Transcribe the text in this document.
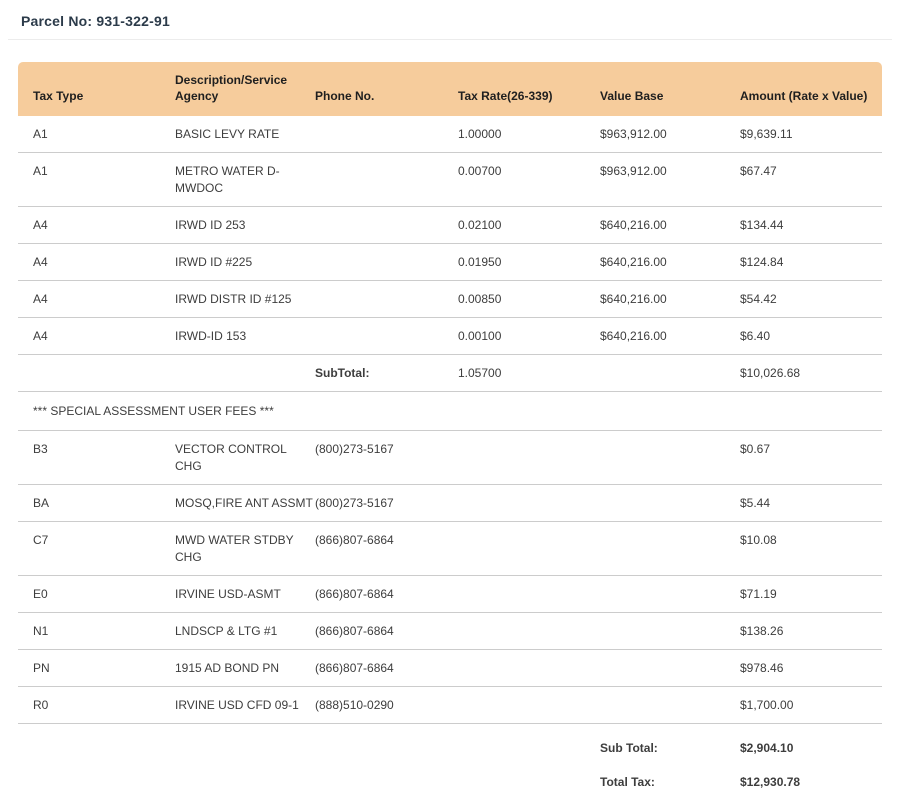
Parcel No: 931-322-91
Tax Type	Description/Service Agency	Phone No.	Tax Rate(26-339)	Value Base	Amount (Rate x Value)
A1	BASIC LEVY RATE		1.00000	$963,912.00	$9,639.11
A1	METRO WATER D-MWDOC		0.00700	$963,912.00	$67.47
A4	IRWD ID 253		0.02100	$640,216.00	$134.44
A4	IRWD ID #225		0.01950	$640,216.00	$124.84
A4	IRWD DISTR ID #125		0.00850	$640,216.00	$54.42
A4	IRWD-ID 153		0.00100	$640,216.00	$6.40
		SubTotal:	1.05700		$10,026.68
*** SPECIAL ASSESSMENT USER FEES ***					
B3	VECTOR CONTROL CHG	(800)273-5167			$0.67
BA	MOSQ,FIRE ANT ASSMT	(800)273-5167			$5.44
C7	MWD WATER STDBY CHG	(866)807-6864			$10.08
E0	IRVINE USD-ASMT	(866)807-6864			$71.19
N1	LNDSCP & LTG #1	(866)807-6864			$138.26
PN	1915 AD BOND PN	(866)807-6864			$978.46
R0	IRVINE USD CFD 09-1	(888)510-0290			$1,700.00
				Sub Total:	$2,904.10
				Total Tax:	$12,930.78
